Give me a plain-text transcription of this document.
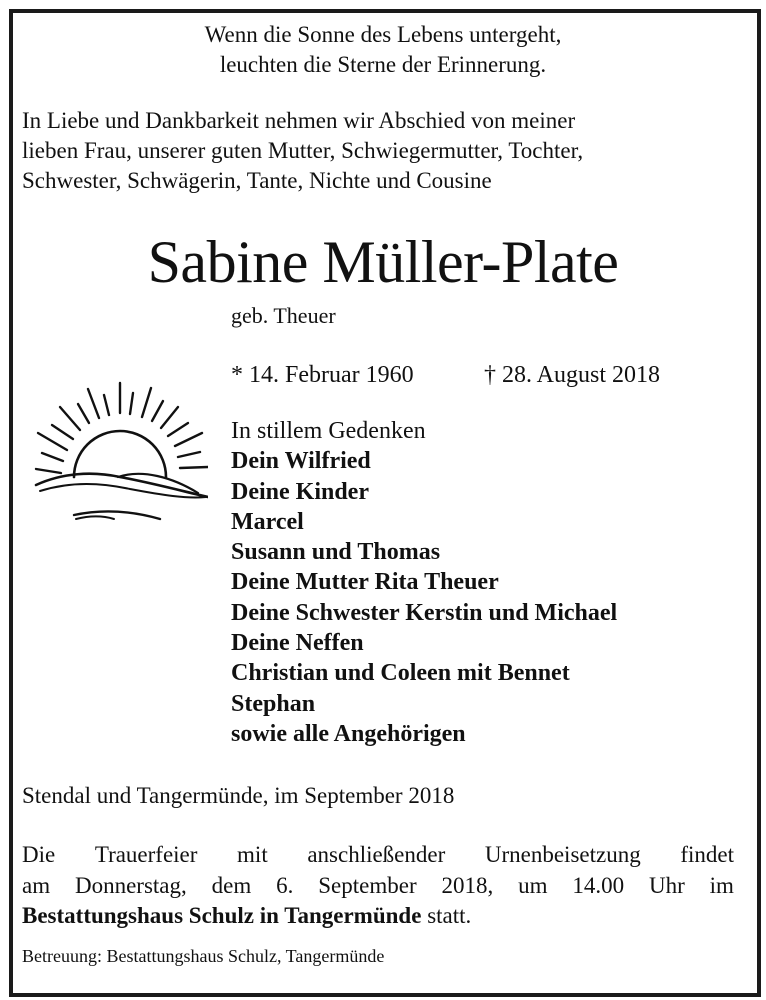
Wenn die Sonne des Lebens untergeht,
leuchten die Sterne der Erinnerung.
In Liebe und Dankbarkeit nehmen wir Abschied von meiner
lieben Frau, unserer guten Mutter, Schwiegermutter, Tochter,
Schwester, Schwägerin, Tante, Nichte und Cousine
Sabine Müller-Plate
geb. Theuer
* 14. Februar 1960	† 28. August 2018
In stillem Gedenken
Dein Wilfried
Deine Kinder
Marcel
Susann und Thomas
Deine Mutter Rita Theuer
Deine Schwester Kerstin und Michael
Deine Neffen
Christian und Coleen mit Bennet
Stephan
sowie alle Angehörigen
Stendal und Tangermünde, im September 2018
Die Trauerfeier mit anschließender Urnenbeisetzung findet
am Donnerstag, dem 6. September 2018, um 14.00 Uhr im
Bestattungshaus Schulz in Tangermünde statt.
Betreuung: Bestattungshaus Schulz, Tangermünde
